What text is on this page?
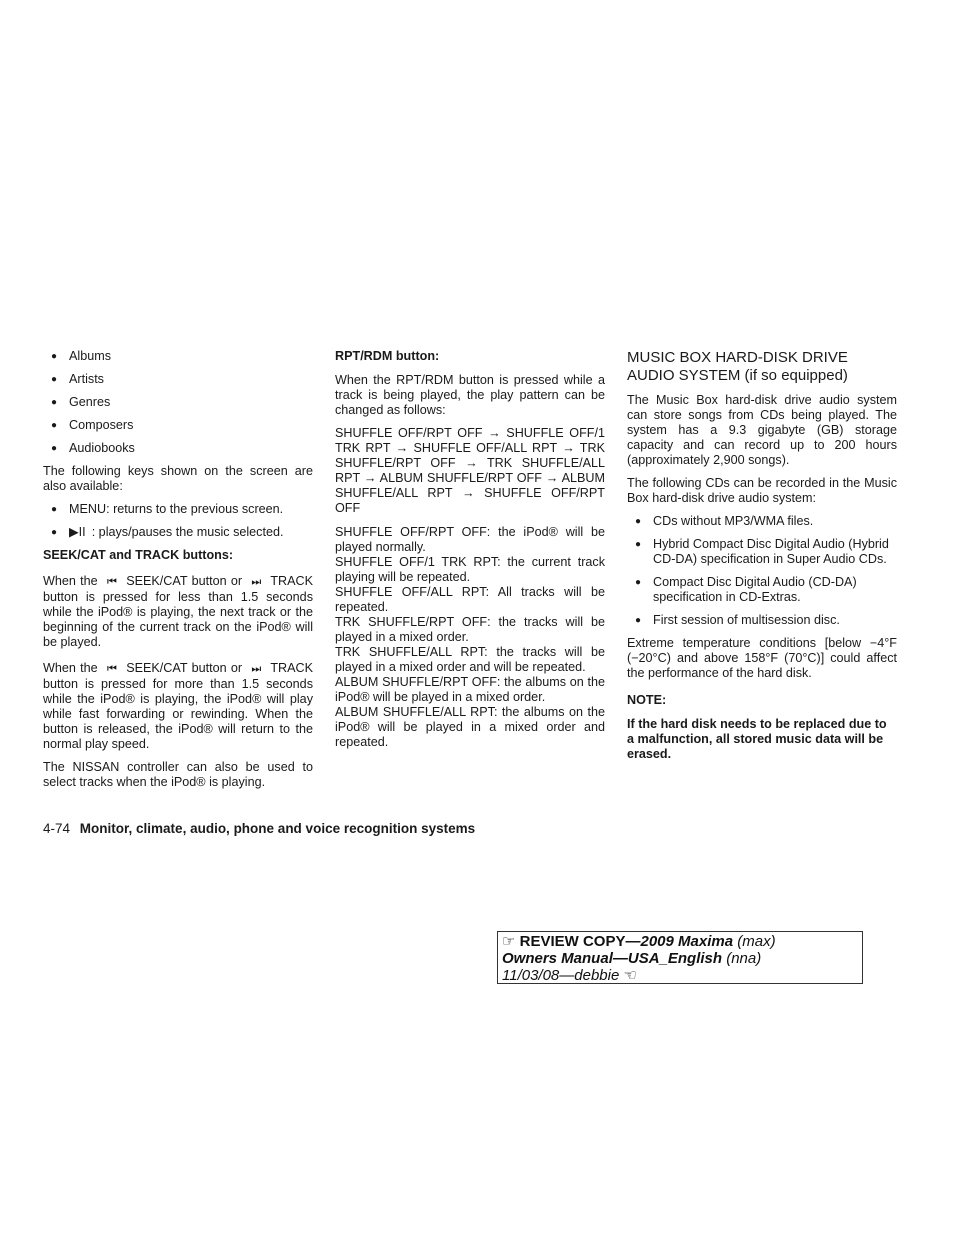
● Albums
● Artists
● Genres
● Composers
● Audiobooks

The following keys shown on the screen are also available:

● MENU: returns to the previous screen.
● ▶II : plays/pauses the music selected.

SEEK/CAT and TRACK buttons:

When the ⏮ SEEK/CAT button or ⏭ TRACK button is pressed for less than 1.5 seconds while the iPod® is playing, the next track or the beginning of the current track on the iPod® will be played.

When the ⏮ SEEK/CAT button or ⏭ TRACK button is pressed for more than 1.5 seconds while the iPod® is playing, the iPod® will play while fast forwarding or rewinding. When the button is released, the iPod® will return to the normal play speed.

The NISSAN controller can also be used to select tracks when the iPod® is playing.

RPT/RDM button:

When the RPT/RDM button is pressed while a track is being played, the play pattern can be changed as follows:

SHUFFLE OFF/RPT OFF → SHUFFLE OFF/1 TRK RPT → SHUFFLE OFF/ALL RPT → TRK SHUFFLE/RPT OFF → TRK SHUFFLE/ALL RPT → ALBUM SHUFFLE/RPT OFF → ALBUM SHUFFLE/ALL RPT → SHUFFLE OFF/RPT OFF

SHUFFLE OFF/RPT OFF: the iPod® will be played normally.

SHUFFLE OFF/1 TRK RPT: the current track playing will be repeated.

SHUFFLE OFF/ALL RPT: All tracks will be repeated.

TRK SHUFFLE/RPT OFF: the tracks will be played in a mixed order.

TRK SHUFFLE/ALL RPT: the tracks will be played in a mixed order and will be repeated.

ALBUM SHUFFLE/RPT OFF: the albums on the iPod® will be played in a mixed order.

ALBUM SHUFFLE/ALL RPT: the albums on the iPod® will be played in a mixed order and repeated.

MUSIC BOX HARD-DISK DRIVE AUDIO SYSTEM (if so equipped)

The Music Box hard-disk drive audio system can store songs from CDs being played. The system has a 9.3 gigabyte (GB) storage capacity and can record up to 200 hours (approximately 2,900 songs).

The following CDs can be recorded in the Music Box hard-disk drive audio system:

● CDs without MP3/WMA files.
● Hybrid Compact Disc Digital Audio (Hybrid CD-DA) specification in Super Audio CDs.
● Compact Disc Digital Audio (CD-DA) specification in CD-Extras.
● First session of multisession disc.

Extreme temperature conditions [below −4°F (−20°C) and above 158°F (70°C)] could affect the performance of the hard disk.

NOTE:

If the hard disk needs to be replaced due to a malfunction, all stored music data will be erased.

4-74 Monitor, climate, audio, phone and voice recognition systems
☞ REVIEW COPY—2009 Maxima (max)
Owners Manual—USA_English (nna)
11/03/08—debbie ☜
